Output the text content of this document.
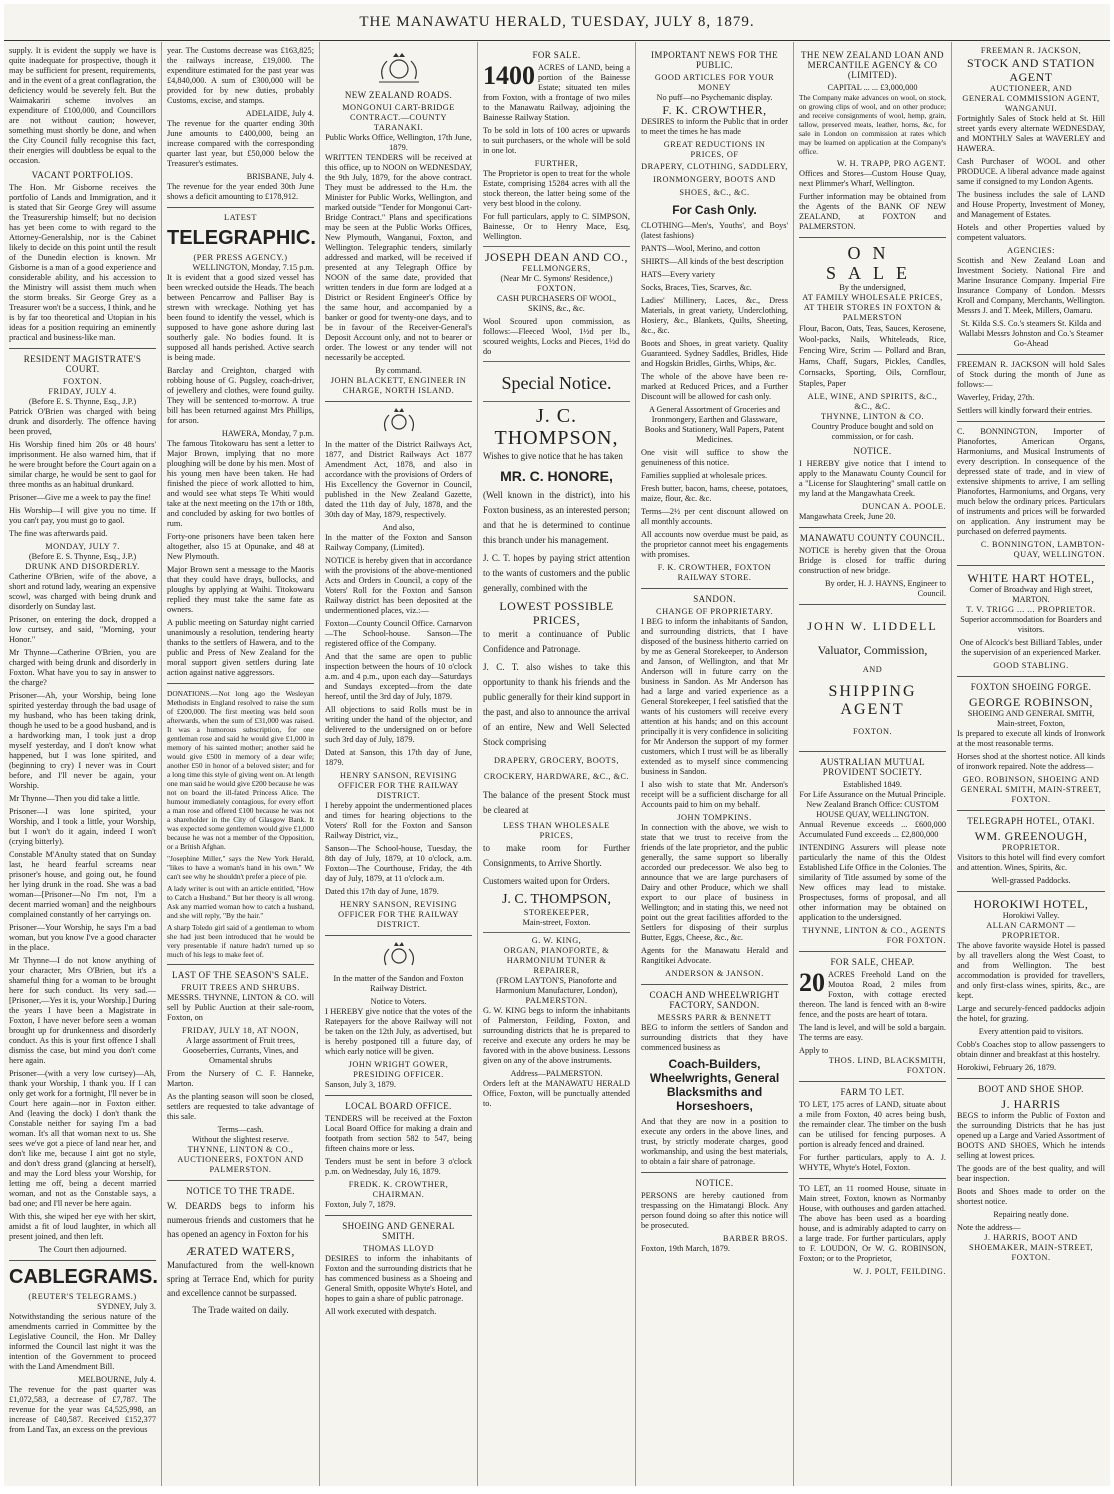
THE MANAWATU HERALD, TUESDAY, JULY 8, 1879.

supply. It is evident the supply we have is quite inadequate for prospective, though it may be sufficient for present, requirements, and in the event of a great conflagration, the deficiency would be severely felt. But the Waimakariri scheme involves an expenditure of £100,000, and Councillors are not without caution; however, something must shortly be done, and when the City Council fully recognise this fact, their energies will doubtless be equal to the occasion.

VACANT PORTFOLIOS.

The Hon. Mr Gisborne receives the portfolio of Lands and Immigration, and it is stated that Sir George Grey will assume the Treasurership himself; but no decision has yet been come to with regard to the Attorney-Generalship, nor is the Cabinet likely to decide on this point until the result of the Dunedin election is known. Mr Gisborne is a man of a good experience and considerable ability, and his accession to the Ministry will assist them much when the storm breaks. Sir George Grey as a Treasurer won't be a success, I think, and he is by far too theoretical and Utopian in his ideas for a position requiring an eminently practical and business-like man.

RESIDENT MAGISTRATE'S COURT.
FOXTON.
FRIDAY, JULY 4.
(Before E. S. Thynne, Esq., J.P.)

Patrick O'Brien was charged with being drunk and disorderly. The offence having been proved,

His Worship fined him 20s or 48 hours' imprisonment. He also warned him, that if he were brought before the Court again on a similar charge, he would be sent to gaol for three months as an habitual drunkard.

Prisoner—Give me a week to pay the fine!

His Worship—I will give you no time. If you can't pay, you must go to gaol.

The fine was afterwards paid.

MONDAY, JULY 7.
(Before E. S. Thynne, Esq., J.P.)
DRUNK AND DISORDERLY.

Catherine O'Brien, wife of the above, a short and rotund lady, wearing an expensive scowl, was charged with being drunk and disorderly on Sunday last.

Prisoner, on entering the dock, dropped a low curtsey, and said, "Morning, your Honor."

Mr Thynne—Catherine O'Brien, you are charged with being drunk and disorderly in Foxton. What have you to say in answer to the charge?

Prisoner—Ah, your Worship, being lone spirited yesterday through the bad usage of my husband, who has been taking drink, though he used to be a good husband, and is a hardworking man, I took just a drop myself yesterday, and I don't know what happened, but I was lone spirited, and (beginning to cry) I never was in Court before, and I'll never be again, your Worship.

Mr Thynne—Then you did take a little.

Prisoner—I was lone spirited, your Worship, and I took a little, your Worship, but I won't do it again, indeed I won't (crying bitterly).

Constable M'Anulty stated that on Sunday last, he heard fearful screams near prisoner's house, and going out, he found her lying drunk in the road. She was a bad woman—[Prisoner—No I'm not, I'm a decent married woman] and the neighbours complained constantly of her carryings on.

Prisoner—Your Worship, he says I'm a bad woman, but you know I've a good character in the place.

Mr Thynne—I do not know anything of your character, Mrs O'Brien, but it's a shameful thing for a woman to be brought here for such conduct. Its very sad.—[Prisoner,—Yes it is, your Worship.] During the years I have been a Magistrate in Foxton, I have never before seen a woman brought up for drunkenness and disorderly conduct. As this is your first offence I shall dismiss the case, but mind you don't come here again.

Prisoner—(with a very low curtsey)—Ah, thank your Worship, I thank you. If I can only get work for a fortnight, I'll never be in Court here again—nor in Foxton either. And (leaving the dock) I don't thank the Constable neither for saying I'm a bad woman. It's all that woman next to us. She sees we've got a piece of land near her, and don't like me, because I aint got no style, and don't dress grand (glancing at herself), and may the Lord bless your Worship, for letting me off, being a decent married woman, and not as the Constable says, a bad one; and I'll never be here again.

With this, she wiped her eye with her skirt, amidst a fit of loud laughter, in which all present joined, and then left.

The Court then adjourned.

CABLEGRAMS.
(REUTER'S TELEGRAMS.)
SYDNEY, July 3.

Notwithstanding the serious nature of the amendments carried in Committee by the Legislative Council, the Hon. Mr Dalley informed the Council last night it was the intention of the Government to proceed with the Land Amendment Bill.

MELBOURNE, July 4.

The revenue for the past quarter was £1,072,583, a decrease of £7,787. The revenue for the year was £4,525,998, an increase of £40,587. Received £152,377 from Land Tax, an excess on the previous

year. The Customs decrease was £163,825; the railways increase, £19,000. The expenditure estimated for the past year was £4,840,000. A sum of £300,000 will be provided for by new duties, probably Customs, excise, and stamps.

ADELAIDE, July 4.

The revenue for the quarter ending 30th June amounts to £400,000, being an increase compared with the corresponding quarter last year, but £50,000 below the Treasurer's estimates.

BRISBANE, July 4.

The revenue for the year ended 30th June shows a deficit amounting to £178,912.

LATEST
TELEGRAPHIC.
(PER PRESS AGENCY.)
WELLINGTON, Monday, 7.15 p.m.

It is evident that a good sized vessel has been wrecked outside the Heads. The beach between Pencarrow and Palliser Bay is strewn with wreckage. Nothing yet has been found to identify the vessel, which is supposed to have gone ashore during last southerly gale. No bodies found. It is supposed all hands perished. Active search is being made.

Barclay and Creighton, charged with robbing house of G. Pugsley, coach-driver, of jewellery and clothes, were found guilty. They will be sentenced to-morrow. A true bill has been returned against Mrs Phillips, for arson.

HAWERA, Monday, 7 p.m.

The famous Titokowaru has sent a letter to Major Brown, implying that no more ploughing will be done by his men. Most of his young men have been taken. He had finished the piece of work allotted to him, and would see what steps Te Whiti would take at the next meeting on the 17th or 18th, and concluded by asking for two bottles of rum.

Forty-one prisoners have been taken here altogether, also 15 at Opunake, and 48 at New Plymouth.

Major Brown sent a message to the Maoris that they could have drays, bullocks, and ploughs by applying at Waihi. Titokowaru replied they must take the same fate as owners.

A public meeting on Saturday night carried unanimously a resolution, tendering hearty thanks to the settlers of Hawera, and to the public and Press of New Zealand for the moral support given settlers during late action against native aggressors.

DONATIONS.—Not long ago the Wesleyan Methodists in England resolved to raise the sum of £200,000. The first meeting was held soon afterwards, when the sum of £31,000 was raised. It was a humorous subscription, for one gentleman rose and said he would give £1,000 in memory of his sainted mother; another said he would give £500 in memory of a dear wife; another £50 in honor of a beloved sister; and for a long time this style of giving went on. At length one man said he would give £200 because he was not on board the ill-fated Princess Alice. The humour immediately contagious, for every effort a man rose and offered £100 because he was not a shareholder in the City of Glasgow Bank. It was expected some gentlemen would give £1,000 because he was not a member of the Opposition, or a British Afghan.

"Josephine Miller," says the New York Herald, "likes to have a woman's hand in his own." We can't see why he shouldn't prefer a piece of pie.

A lady writer is out with an article entitled, "How to Catch a Husband." But her theory is all wrong. Ask any married woman how to catch a husband, and she will reply, "By the hair."

A sharp Toledo girl said of a gentleman to whom she had just been introduced that he would be very presentable if nature hadn't turned up so much of his legs to make feet of.

LAST OF THE SEASON'S SALE.
FRUIT TREES AND SHRUBS.

MESSRS. THYNNE, LINTON & CO. will sell by Public Auction at their sale-room, Foxton, on

FRIDAY, JULY 18, AT NOON,

A large assortment of Fruit trees, Gooseberries, Currants, Vines, and Ornamental shrubs

From the Nursery of C. F. Hanneke, Marton.

As the planting season will soon be closed, settlers are requested to take advantage of this sale.

Terms—cash.
Without the slightest reserve.
THYNNE, LINTON & CO., AUCTIONEERS, FOXTON AND PALMERSTON.
NOTICE TO THE TRADE.

W. DEARDS begs to inform his numerous friends and customers that he has opened an agency in Foxton for his

ÆRATED WATERS,

Manufactured from the well-known spring at Terrace End, which for purity and excellence cannot be surpassed.

The Trade waited on daily.

NEW ZEALAND ROADS.
MONGONUI CART-BRIDGE CONTRACT.—COUNTY TARANAKI.
Public Works Office, Wellington, 17th June, 1879.

WRITTEN TENDERS will be received at this office, up to NOON on WEDNESDAY, the 9th July, 1879, for the above contract. They must be addressed to the H.m. the Minister for Public Works, Wellington, and marked outside "Tender for Mongonui Cart-Bridge Contract." Plans and specifications may be seen at the Public Works Offices, New Plymouth, Wanganui, Foxton, and Wellington. Telegraphic tenders, similarly addressed and marked, will be received if presented at any Telegraph Office by NOON of the same date, provided that written tenders in due form are lodged at a District or Resident Engineer's Office by the same hour, and accompanied by a banker or good for twenty-one days, and to be in favour of the Receiver-General's Deposit Account only, and not to bearer or order. The lowest or any tender will not necessarily be accepted.

By command.
JOHN BLACKETT, ENGINEER IN CHARGE, NORTH ISLAND.

In the matter of the District Railways Act, 1877, and District Railways Act 1877 Amendment Act, 1878, and also in accordance with the provisions of Orders of His Excellency the Governor in Council, published in the New Zealand Gazette, dated the 11th day of July, 1878, and the 30th day of May, 1879, respectively.

And also,

In the matter of the Foxton and Sanson Railway Company, (Limited).

NOTICE is hereby given that in accordance with the provisions of the above-mentioned Acts and Orders in Council, a copy of the Voters' Roll for the Foxton and Sanson Railway district has been deposited at the undermentioned places, viz.:—

Foxton—County Council Office. Carnarvon—The School-house. Sanson—The registered office of the Company.

And that the same are open to public inspection between the hours of 10 o'clock a.m. and 4 p.m., upon each day—Saturdays and Sundays excepted—from the date hereof, until the 3rd day of July, 1879.

All objections to said Rolls must be in writing under the hand of the objector, and delivered to the undersigned on or before such 3rd day of July, 1879.

Dated at Sanson, this 17th day of June, 1879.

HENRY SANSON, REVISING OFFICER FOR THE RAILWAY DISTRICT.

I hereby appoint the undermentioned places and times for hearing objections to the Voters' Roll for the Foxton and Sanson Railway District, viz.,

Sanson—The School-house, Tuesday, the 8th day of July, 1879, at 10 o'clock, a.m. Foxton—The Courthouse, Friday, the 4th day of July, 1879, at 11 o'clock a.m.

Dated this 17th day of June, 1879.

HENRY SANSON, REVISING OFFICER FOR THE RAILWAY DISTRICT.

In the matter of the Sandon and Foxton Railway District.

Notice to Voters.

I HEREBY give notice that the votes of the Ratepayers for the above Railway will not be taken on the 12th July, as advertised, but is hereby postponed till a future day, of which early notice will be given.

JOHN WRIGHT GOWER, PRESIDING OFFICER.
Sanson, July 3, 1879.
LOCAL BOARD OFFICE.

TENDERS will be received at the Foxton Local Board Office for making a drain and footpath from section 582 to 547, being fifteen chains more or less.

Tenders must be sent in before 3 o'clock p.m. on Wednesday, July 16, 1879.

FREDK. K. CROWTHER, CHAIRMAN.
Foxton, July 7, 1879.
SHOEING AND GENERAL SMITH.
THOMAS LLOYD

DESIRES to inform the inhabitants of Foxton and the surrounding districts that he has commenced business as a Shoeing and General Smith, opposite Whyte's Hotel, and hopes to gain a share of public patronage.

All work executed with despatch.

FOR SALE.

1400 ACRES of LAND, being a portion of the Bainesse Estate; situated ten miles from Foxton, with a frontage of two miles to the Manawatu Railway, adjoining the Bainesse Railway Station.

To be sold in lots of 100 acres or upwards to suit purchasers, or the whole will be sold in one lot.

FURTHER,

The Proprietor is open to treat for the whole Estate, comprising 15284 acres with all the stock thereon, the latter being some of the very best blood in the colony.

For full particulars, apply to C. SIMPSON, Bainesse, Or to Henry Mace, Esq, Wellington.

JOSEPH DEAN AND CO.,
FELLMONGERS,
(Near Mr C. Symons' Residence,)
FOXTON.

CASH PURCHASERS OF WOOL, SKINS, &c., &c.

Wool Scoured upon commission, as follows:—Fleeced Wool, 1½d per lb., scoured weights, Locks and Pieces, 1½d do do

Special Notice.
J. C. THOMPSON,

Wishes to give notice that he has taken

MR. C. HONORE,

(Well known in the district), into his Foxton business, as an interested person; and that he is determined to continue this branch under his management.

J. C. T. hopes by paying strict attention to the wants of customers and the public generally, combined with the

LOWEST POSSIBLE
PRICES,

to merit a continuance of Public Confidence and Patronage.

J. C. T. also wishes to take this opportunity to thank his friends and the public generally for their kind support in the past, and also to announce the arrival of an entire, New and Well Selected Stock comprising

DRAPERY, GROCERY, BOOTS, CROCKERY, HARDWARE, &C., &C.

The balance of the present Stock must be cleared at

LESS THAN WHOLESALE
PRICES,

to make room for Further Consignments, to Arrive Shortly.

Customers waited upon for Orders.

J. C. THOMPSON,
STOREKEEPER,
Main-street, Foxton.
G. W. KING,
ORGAN, PIANOFORTE, & HARMONIUM TUNER & REPAIRER,
(FROM LAYTON'S, Pianoforte and Harmonium Manufacturer, London),
PALMERSTON.

G. W. KING begs to inform the inhabitants of Palmerston, Feilding, Foxton, and surrounding districts that he is prepared to receive and execute any orders he may be favored with in the above business. Lessons given on any of the above instruments.

Address—PALMERSTON.

Orders left at the MANAWATU HERALD Office, Foxton, will be punctually attended to.

IMPORTANT NEWS FOR THE PUBLIC.
GOOD ARTICLES FOR YOUR MONEY
No puff—no Psychemanic display.
F. K. CROWTHER,

DESIRES to inform the Public that in order to meet the times he has made

GREAT REDUCTIONS IN
PRICES, OF

DRAPERY, CLOTHING, SADDLERY, IRONMONGERY, BOOTS AND SHOES, &C., &C.

For Cash Only.

CLOTHING—Men's, Youths', and Boys' (latest fashions)

PANTS—Wool, Merino, and cotton

SHIRTS—All kinds of the best description

HATS—Every variety

Socks, Braces, Ties, Scarves, &c.

Ladies' Millinery, Laces, &c., Dress Materials, in great variety, Underclothing, Hosiery, &c., Blankets, Quilts, Sheeting, &c., &c.

Boots and Shoes, in great variety. Quality Guaranteed. Sydney Saddles, Bridles, Hide and Hogskin Bridles, Girths, Whips, &c.

The whole of the above have been re-marked at Reduced Prices, and a Further Discount will be allowed for cash only.

A General Assortment of Groceries and Ironmongery, Earthen and Glassware, Books and Stationery, Wall Papers, Patent Medicines.

One visit will suffice to show the genuineness of this notice.

Families supplied at wholesale prices.

Fresh butter, bacon, hams, cheese, potatoes, maize, flour, &c. &c.

Terms—2½ per cent discount allowed on all monthly accounts.

All accounts now overdue must be paid, as the proprietor cannot meet his engagements with promises.

F. K. CROWTHER, FOXTON RAILWAY STORE.
SANDON.
CHANGE OF PROPRIETARY.

I BEG to inform the inhabitants of Sandon, and surrounding districts, that I have disposed of the business hitherto carried on by me as General Storekeeper, to Anderson and Janson, of Wellington, and that Mr Anderson will in future carry on the business in Sandon. As Mr Anderson has had a large and varied experience as a General Storekeeper, I feel satisfied that the wants of his customers will receive every attention at his hands; and on this account principally it is very confidence in soliciting for Mr Anderson the support of my former customers, which I trust will be as liberally extended as to myself since commencing business in Sandon.

I also wish to state that Mr. Anderson's receipt will be a sufficient discharge for all Accounts paid to him on my behalf.

JOHN TOMPKINS.

In connection with the above, we wish to state that we trust to receive from the friends of the late proprietor, and the public generally, the same support so liberally accorded our predecessor. We also beg to announce that we are large purchasers of Dairy and other Produce, which we shall export to our place of business in Wellington; and in stating this, we need not point out the great facilities afforded to the Settlers for disposing of their surplus Butter, Eggs, Cheese, &c., &c.

Agents for the Manawatu Herald and Rangitikei Advocate.

ANDERSON & JANSON.
COACH AND WHEELWRIGHT FACTORY, SANDON.
MESSRS PARR & BENNETT

BEG to inform the settlers of Sandon and surrounding districts that they have commenced business as

Coach-Builders, Wheelwrights, General Blacksmiths and Horseshoers,

And that they are now in a position to execute any orders in the above lines, and trust, by strictly moderate charges, good workmanship, and using the best materials, to obtain a fair share of patronage.

NOTICE.

PERSONS are hereby cautioned from trespassing on the Himatangi Block. Any person found doing so after this notice will be prosecuted.

BARBER BROS.
Foxton, 19th March, 1879.
THE NEW ZEALAND LOAN AND MERCANTILE AGENCY & CO (LIMITED).
CAPITAL ... ... £3,000,000

The Company make advances on wool, on stock, on growing clips of wool, and on other produce; and receive consignments of wool, hemp, grain, tallow, preserved meats, leather, horns, &c, for sale in London on commission at rates which may be learned on application at the Company's office.

W. H. TRAPP, PRO AGENT.

Offices and Stores—Custom House Quay, next Plimmer's Wharf, Wellington.

Further information may be obtained from the Agents of the BANK OF NEW ZEALAND, at FOXTON and PALMERSTON.

ON SALE
By the undersigned,
AT FAMILY WHOLESALE PRICES, AT THEIR STORES IN FOXTON & PALMERSTON

Flour, Bacon, Oats, Teas, Sauces, Kerosene, Wool-packs, Nails, Whiteleads, Rice, Fencing Wire, Scrim — Pollard and Bran, Hams, Chaff, Sugars, Pickles, Candles, Cornsacks, Sporting, Oils, Cornflour, Staples, Paper

ALE, WINE, AND SPIRITS, &C., &C., &C.
THYNNE, LINTON & CO.

Country Produce bought and sold on commission, or for cash.

NOTICE.

I HEREBY give notice that I intend to apply to the Manawatu County Council for a "License for Slaughtering" small cattle on my land at the Mangawhata Creek.

DUNCAN A. POOLE.
Mangawhata Creek, June 20.
MANAWATU COUNTY COUNCIL.

NOTICE is hereby given that the Oroua Bridge is closed for traffic during construction of new bridge.

By order, H. J. HAYNS, Engineer to Council.
JOHN W. LIDDELL
Valuator, Commission,
AND
SHIPPING AGENT
FOXTON.
AUSTRALIAN MUTUAL PROVIDENT SOCIETY.
Established 1849.
For Life Assurance on the Mutual Principle.
New Zealand Branch Office: CUSTOM HOUSE QUAY, WELLINGTON.

Annual Revenue exceeds ... £600,000 Accumulated Fund exceeds ... £2,800,000

INTENDING Assurers will please note particularly the name of this the Oldest Established Life Office in the Colonies. The similarity of Title assumed by some of the New offices may lead to mistake. Prospectuses, forms of proposal, and all other information may be obtained on application to the undersigned.

THYNNE, LINTON & CO., AGENTS FOR FOXTON.
FOR SALE, CHEAP.

20 ACRES Freehold Land on the Moutoa Road, 2 miles from Foxton, with cottage erected thereon. The land is fenced with an 8-wire fence, and the posts are heart of totara.

The land is level, and will be sold a bargain. The terms are easy.

Apply to
THOS. LIND, BLACKSMITH, FOXTON.
FARM TO LET.

TO LET, 175 acres of LAND, situate about a mile from Foxton, 40 acres being bush, the remainder clear. The timber on the bush can be utilised for fencing purposes. A portion is already fenced and drained.

For further particulars, apply to A. J. WHYTE, Whyte's Hotel, Foxton.

TO LET, an 11 roomed House, situate in Main street, Foxton, known as Normanby House, with outhouses and garden attached. The above has been used as a boarding house, and is admirably adapted to carry on a large trade. For further particulars, apply to F. LOUDON, Or W. G. ROBINSON, Foxton; or to the Proprietor,

W. J. POLT, FEILDING.
FREEMAN R. JACKSON,
STOCK AND STATION AGENT
AUCTIONEER, AND
GENERAL COMMISSION AGENT,
WANGANUI.

Fortnightly Sales of Stock held at St. Hill street yards every alternate WEDNESDAY, and MONTHLY Sales at WAVERLEY and HAWERA.

Cash Purchaser of WOOL and other PRODUCE. A liberal advance made against same if consigned to my London Agents.

The business includes the sale of LAND and House Property, Investment of Money, and Management of Estates.

Hotels and other Properties valued by competent valuators.

AGENCIES:

Scottish and New Zealand Loan and Investment Society. National Fire and Marine Insurance Company. Imperial Fire Insurance Company of London. Messrs Kroll and Company, Merchants, Wellington. Messrs J. and T. Meek, Millers, Oamaru.

St. Kilda S.S. Co.'s steamers St. Kilda and Wallabi Messrs Johnston and Co.'s Steamer Go-Ahead

FREEMAN R. JACKSON will hold Sales of Stock during the month of June as follows:—

Waverley, Friday, 27th.

Settlers will kindly forward their entries.

C. BONNINGTON, Importer of Pianofortes, American Organs, Harmoniums, and Musical Instruments of every description. In consequence of the depressed state of trade, and in view of extensive shipments to arrive, I am selling Pianofortes, Harmoniums, and Organs, very much below the ordinary prices. Particulars of instruments and prices will be forwarded on application. Any instrument may be purchased on deferred payments.

C. BONNINGTON, LAMBTON-QUAY, WELLINGTON.
WHITE HART HOTEL,
Corner of Broadway and High street, MARTON.
T. V. TRIGG ... ... PROPRIETOR.

Superior accommodation for Boarders and visitors.

One of Alcock's best Billiard Tables, under the supervision of an experienced Marker.

GOOD STABLING.
FOXTON SHOEING FORGE.
GEORGE ROBINSON,
SHOEING AND GENERAL SMITH, Main-street, Foxton,

Is prepared to execute all kinds of Ironwork at the most reasonable terms.

Horses shod at the shortest notice. All kinds of ironwork repaired. Note the address—

GEO. ROBINSON, SHOEING AND GENERAL SMITH, MAIN-STREET, FOXTON.
TELEGRAPH HOTEL, OTAKI.
WM. GREENOUGH,
PROPRIETOR.

Visitors to this hotel will find every comfort and attention. Wines, Spirits, &c.

Well-grassed Paddocks.
HOROKIWI HOTEL,
Horokiwi Valley.
ALLAN CARMONT — PROPRIETOR.

The above favorite wayside Hotel is passed by all travellers along the West Coast, to and from Wellington. The best accommodation is provided for travellers, and only first-class wines, spirits, &c., are kept.

Large and securely-fenced paddocks adjoin the hotel, for grazing.

Every attention paid to visitors.

Cobb's Coaches stop to allow passengers to obtain dinner and breakfast at this hostelry.

Horokiwi, February 26, 1879.
BOOT AND SHOE SHOP.
J. HARRIS

BEGS to inform the Public of Foxton and the surrounding Districts that he has just opened up a Large and Varied Assortment of BOOTS AND SHOES, Which he intends selling at lowest prices.

The goods are of the best quality, and will bear inspection.

Boots and Shoes made to order on the shortest notice.

Repairing neatly done.

Note the address—
J. HARRIS, BOOT AND SHOEMAKER, MAIN-STREET, FOXTON.
